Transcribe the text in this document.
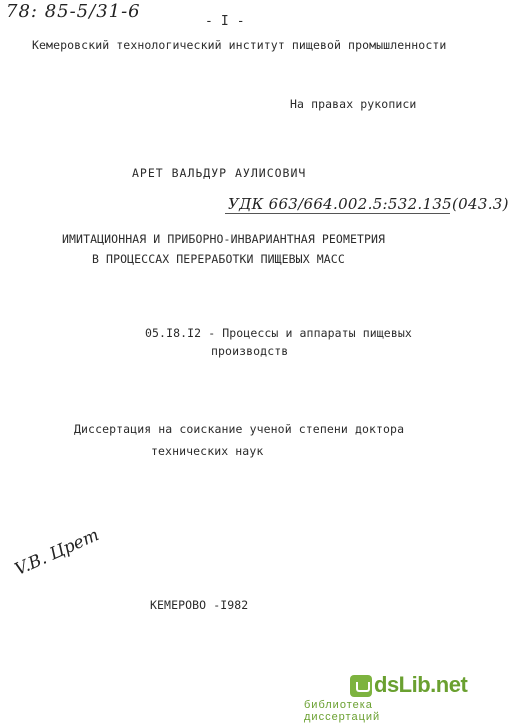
78: 85-5/31-6	- I -
Кемеровский технологический институт пищевой промышленности
На правах рукописи
АРЕТ ВАЛЬДУР АУЛИСОВИЧ
УДК 663/664.002.5:532.135(043.3)
ИМИТАЦИОННАЯ И ПРИБОРНО-ИНВАРИАНТНАЯ РЕОМЕТРИЯ
В ПРОЦЕССАХ ПЕРЕРАБОТКИ ПИЩЕВЫХ МАСС
05.I8.I2 - Процессы и аппараты пищевых
производств
Диссертация на соискание ученой степени доктора
технических наук
V.B. Црет
КЕМЕРОВО -I982
dsLib.net
библиотека диссертаций
